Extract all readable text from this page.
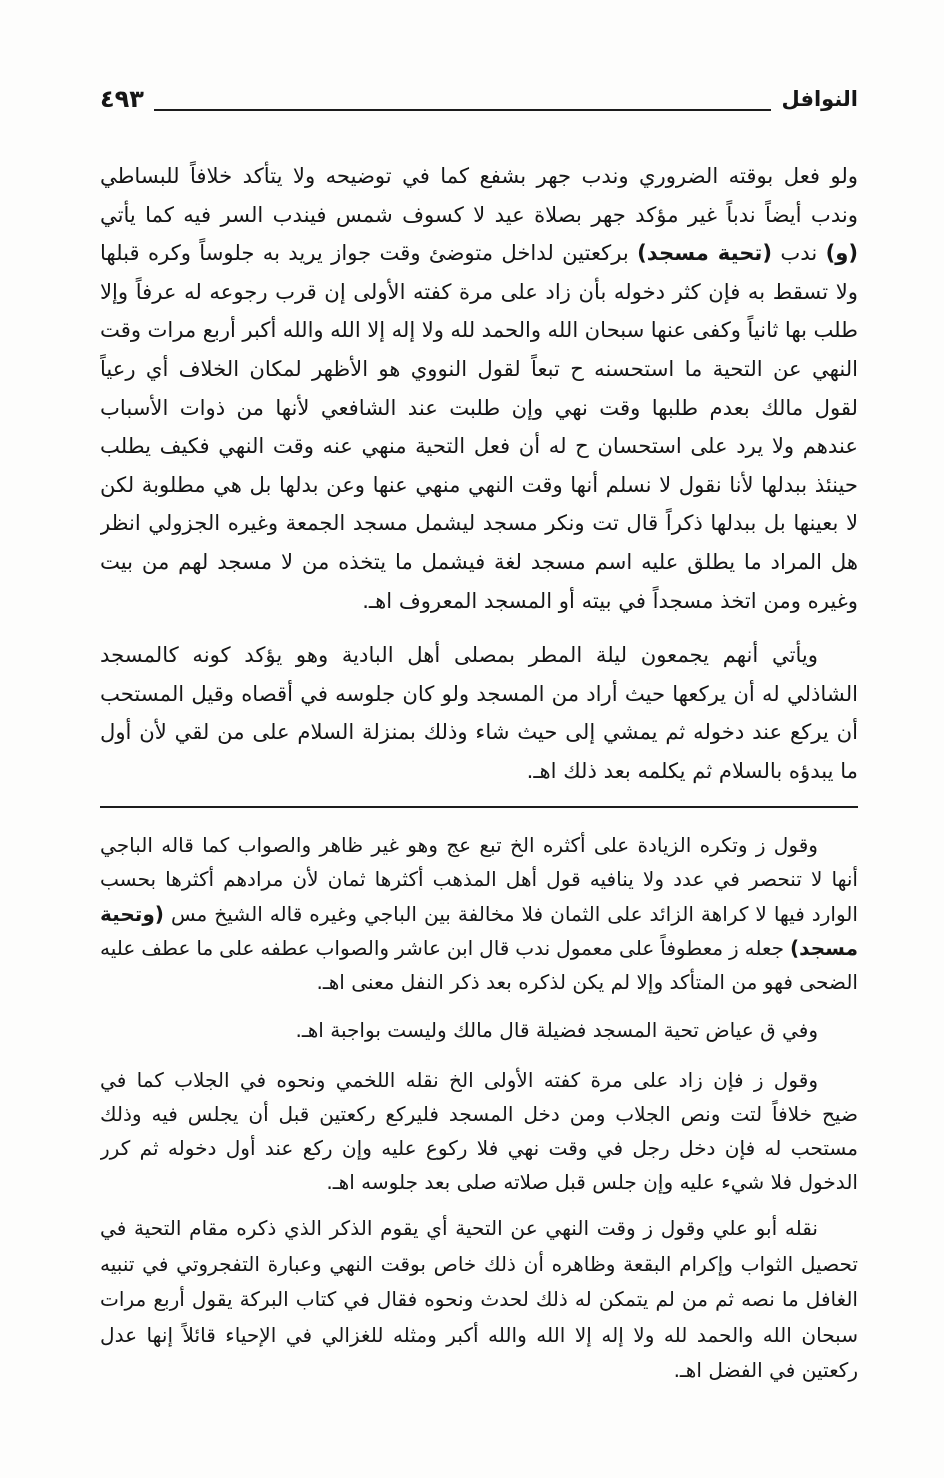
النوافل
٤٩٣
ولو فعل بوقته الضروري وندب جهر بشفع كما في توضيحه ولا يتأكد خلافاً للبساطي
وندب أيضاً ندباً غير مؤكد جهر بصلاة عيد لا كسوف شمس فيندب السر فيه كما يأتي
(و) ندب (تحية مسجد) بركعتين لداخل متوضئ وقت جواز يريد به جلوساً وكره قبلها
ولا تسقط به فإن كثر دخوله بأن زاد على مرة كفته الأولى إن قرب رجوعه له عرفاً وإلا
طلب بها ثانياً وكفى عنها سبحان الله والحمد لله ولا إله إلا الله والله أكبر أربع مرات وقت
النهي عن التحية ما استحسنه ح تبعاً لقول النووي هو الأظهر لمكان الخلاف أي رعياً
لقول مالك بعدم طلبها وقت نهي وإن طلبت عند الشافعي لأنها من ذوات الأسباب
عندهم ولا يرد على استحسان ح له أن فعل التحية منهي عنه وقت النهي فكيف يطلب
حينئذ ببدلها لأنا نقول لا نسلم أنها وقت النهي منهي عنها وعن بدلها بل هي مطلوبة لكن
لا بعينها بل ببدلها ذكراً قال تت ونكر مسجد ليشمل مسجد الجمعة وغيره الجزولي انظر
هل المراد ما يطلق عليه اسم مسجد لغة فيشمل ما يتخذه من لا مسجد لهم من بيت
وغيره ومن اتخذ مسجداً في بيته أو المسجد المعروف اهـ.
ويأتي أنهم يجمعون ليلة المطر بمصلى أهل البادية وهو يؤكد كونه كالمسجد
الشاذلي له أن يركعها حيث أراد من المسجد ولو كان جلوسه في أقصاه وقيل المستحب
أن يركع عند دخوله ثم يمشي إلى حيث شاء وذلك بمنزلة السلام على من لقي لأن أول
ما يبدؤه بالسلام ثم يكلمه بعد ذلك اهـ.
وقول ز وتكره الزيادة على أكثره الخ تبع عج وهو غير ظاهر والصواب كما قاله الباجي
أنها لا تنحصر في عدد ولا ينافيه قول أهل المذهب أكثرها ثمان لأن مرادهم أكثرها بحسب
الوارد فيها لا كراهة الزائد على الثمان فلا مخالفة بين الباجي وغيره قاله الشيخ مس (وتحية
مسجد) جعله ز معطوفاً على معمول ندب قال ابن عاشر والصواب عطفه على ما عطف عليه
الضحى فهو من المتأكد وإلا لم يكن لذكره بعد ذكر النفل معنى اهـ.
وفي ق عياض تحية المسجد فضيلة قال مالك وليست بواجبة اهـ.
وقول ز فإن زاد على مرة كفته الأولى الخ نقله اللخمي ونحوه في الجلاب كما في
ضيح خلافاً لتت ونص الجلاب ومن دخل المسجد فليركع ركعتين قبل أن يجلس فيه وذلك
مستحب له فإن دخل رجل في وقت نهي فلا ركوع عليه وإن ركع عند أول دخوله ثم كرر
الدخول فلا شيء عليه وإن جلس قبل صلاته صلى بعد جلوسه اهـ.
نقله أبو علي وقول ز وقت النهي عن التحية أي يقوم الذكر الذي ذكره مقام التحية في
تحصيل الثواب وإكرام البقعة وظاهره أن ذلك خاص بوقت النهي وعبارة التفجروتي في تنبيه
الغافل ما نصه ثم من لم يتمكن له ذلك لحدث ونحوه فقال في كتاب البركة يقول أربع مرات
سبحان الله والحمد لله ولا إله إلا الله والله أكبر ومثله للغزالي في الإحياء قائلاً إنها عدل
ركعتين في الفضل اهـ.
